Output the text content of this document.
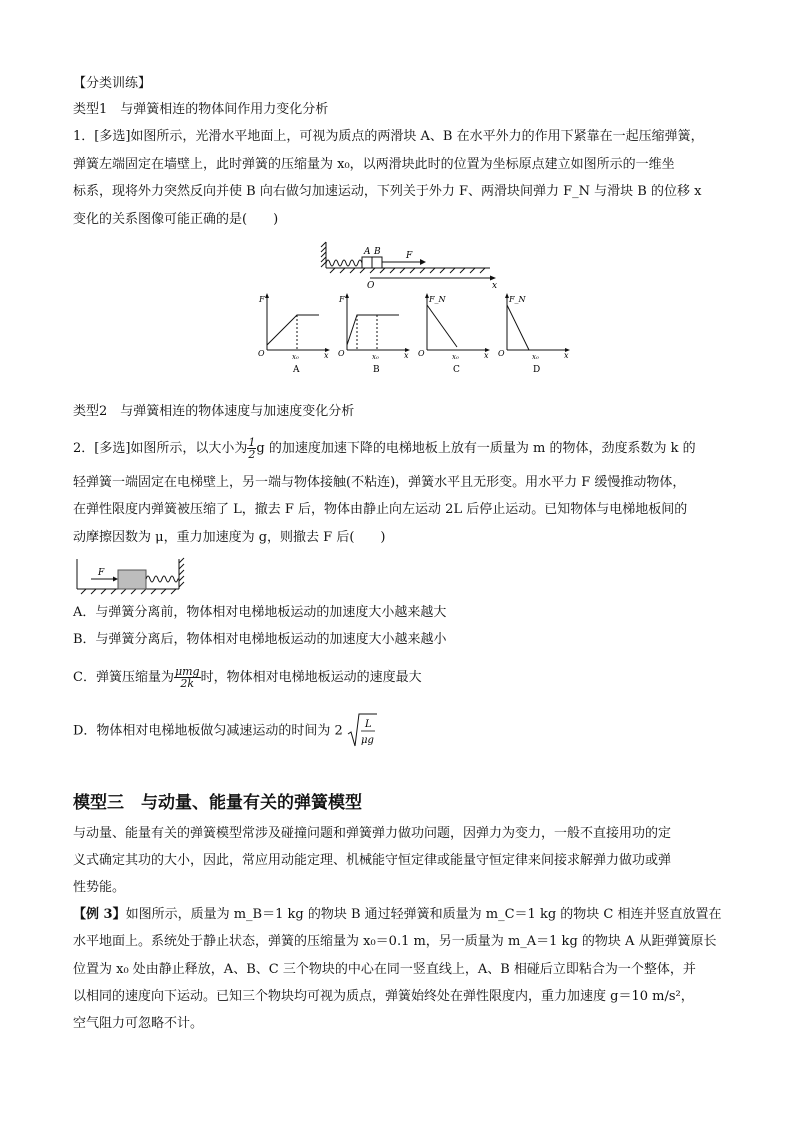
【分类训练】
类型1　与弹簧相连的物体间作用力变化分析
1．[多选]如图所示，光滑水平地面上，可视为质点的两滑块 A、B 在水平外力的作用下紧靠在一起压缩弹簧，
弹簧左端固定在墙壁上，此时弹簧的压缩量为 x₀，以两滑块此时的位置为坐标原点建立如图所示的一维坐
标系，现将外力突然反向并使 B 向右做匀加速运动，下列关于外力 F、两滑块间弹力 F_N 与滑块 B 的位移 x
变化的关系图像可能正确的是(　　)
A B	F
O	x
F
O	x
x₀
A
F
O	x
x₀
B
F_N
O	x
x₀
C
F_N
O	x
x₀
D
类型2　与弹簧相连的物体速度与加速度变化分析
2．[多选]如图所示，以大小为 $\frac{1}{2}$ g 的加速度加速下降的电梯地板上放有一质量为 m 的物体，劲度系数为 k 的
轻弹簧一端固定在电梯壁上，另一端与物体接触(不粘连)，弹簧水平且无形变。用水平力 F 缓慢推动物体，
在弹性限度内弹簧被压缩了 L，撤去 F 后，物体由静止向左运动 2L 后停止运动。已知物体与电梯地板间的
动摩擦因数为 μ，重力加速度为 g，则撤去 F 后(　　)
F
A．与弹簧分离前，物体相对电梯地板运动的加速度大小越来越大
B．与弹簧分离后，物体相对电梯地板运动的加速度大小越来越小
C．弹簧压缩量为 $\frac{\text{μmg}}{2k}$ 时，物体相对电梯地板运动的速度最大
D．物体相对电梯地板做匀减速运动的时间为 2 L
μg
模型三　与动量、能量有关的弹簧模型
与动量、能量有关的弹簧模型常涉及碰撞问题和弹簧弹力做功问题，因弹力为变力，一般不直接用功的定
义式确定其功的大小，因此，常应用动能定理、机械能守恒定律或能量守恒定律来间接求解弹力做功或弹
性势能。
【例 3】如图所示，质量为 m_B＝1 kg 的物块 B 通过轻弹簧和质量为 m_C＝1 kg 的物块 C 相连并竖直放置在
水平地面上。系统处于静止状态，弹簧的压缩量为 x₀＝0.1 m，另一质量为 m_A＝1 kg 的物块 A 从距弹簧原长
位置为 x₀ 处由静止释放，A、B、C 三个物块的中心在同一竖直线上，A、B 相碰后立即粘合为一个整体，并
以相同的速度向下运动。已知三个物块均可视为质点，弹簧始终处在弹性限度内，重力加速度 g＝10 m/s²，
空气阻力可忽略不计。
